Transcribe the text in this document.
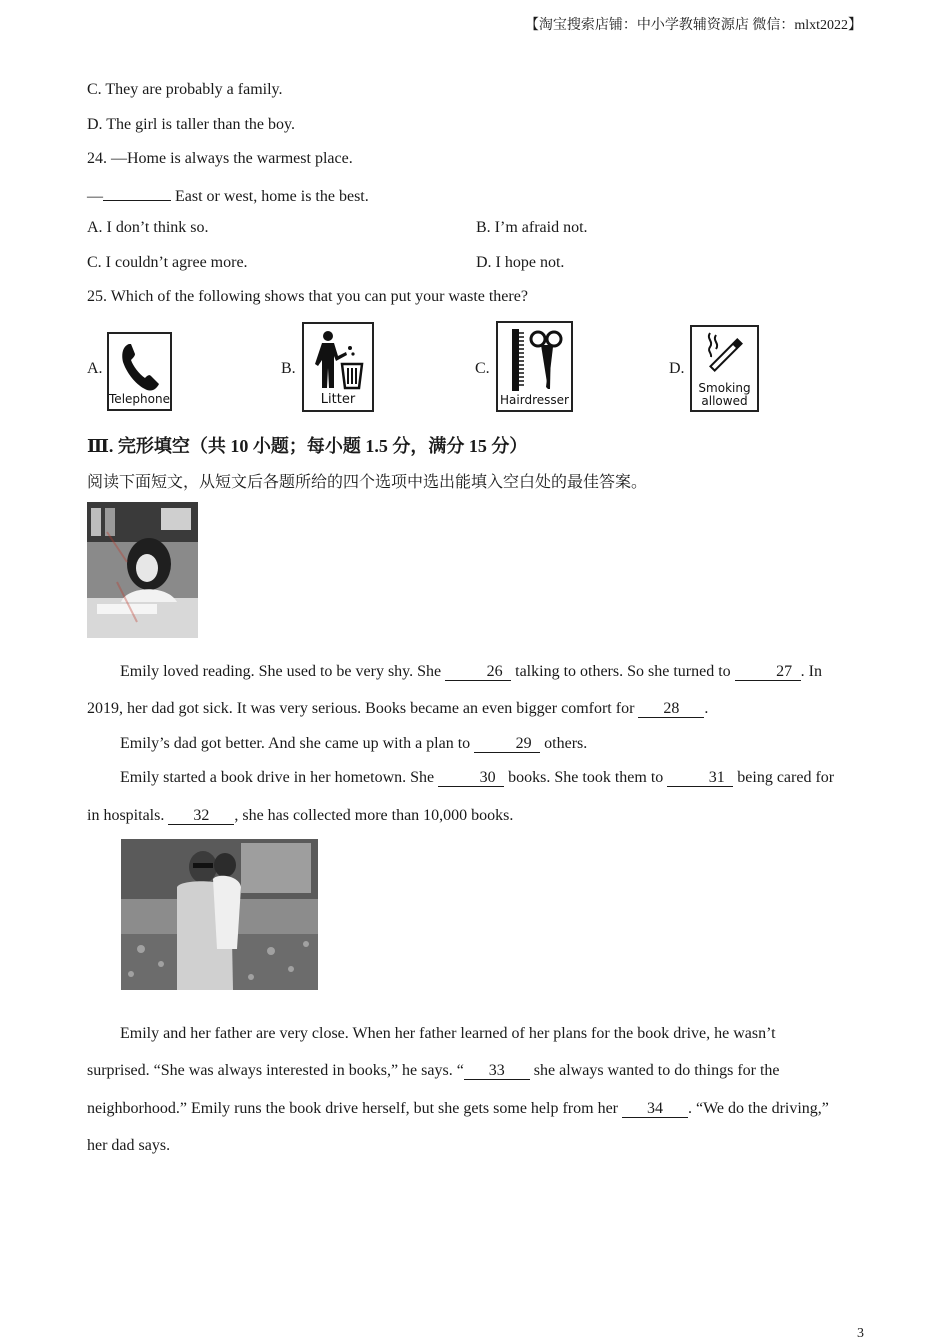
【淘宝搜索店铺：中小学教辅资源店 微信：mlxt2022】
C. They are probably a family.
D. The girl is taller than the boy.
24. —Home is always the warmest place.
—	East or west, home is the best.
A. I don’t think so.	B. I’m afraid not.
C. I couldn’t agree more.	D. I hope not.
25. Which of the following shows that you can put your waste there?
A.
Telephone
B.
Litter
C.
Hairdresser
D.
Smoking
allowed
Ⅲ. 完形填空（共 10 小题；每小题 1.5 分，满分 15 分）
阅读下面短文，从短文后各题所给的四个选项中选出能填入空白处的最佳答案。
Emily loved reading. She used to be very shy. She	26 talking to others. So she turned to	27 . In
2019, her dad got sick. It was very serious. Books became an even bigger comfort for 28 .
Emily’s dad got better. And she came up with a plan to	29 others.
Emily started a book drive in her hometown. She	30 books. She took them to	31 being cared for
in hospitals. 32 , she has collected more than 10,000 books.
Emily and her father are very close. When her father learned of her plans for the book drive, he wasn’t
surprised. “She was always interested in books,” he says. “ 33 she always wanted to do things for the
neighborhood.” Emily runs the book drive herself, but she gets some help from her 34 . “We do the driving,”
her dad says.
3
